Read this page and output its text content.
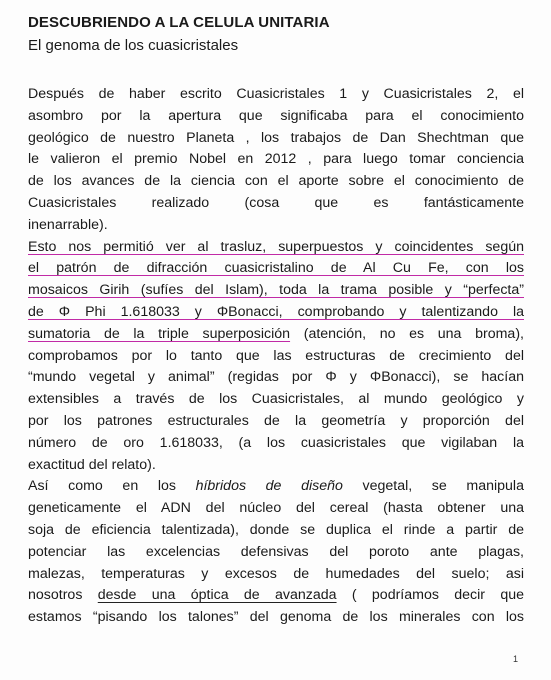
DESCUBRIENDO A LA CELULA UNITARIA
El genoma de los cuasicristales
Después de haber escrito Cuasicristales 1 y Cuasicristales 2, el
asombro por la apertura que significaba para el conocimiento
geológico de nuestro Planeta , los trabajos de Dan Shechtman que
le valieron el premio Nobel en 2012 , para luego tomar conciencia
de los avances de la ciencia con el aporte sobre el conocimiento de
Cuasicristales realizado (cosa que es fantásticamente
inenarrable).
Esto nos permitió ver al trasluz, superpuestos y coincidentes según
el patrón de difracción cuasicristalino de Al Cu Fe, con los
mosaicos Girih (sufíes del Islam), toda la trama posible y “perfecta”
de Φ Phi 1.618033 y ΦBonacci, comprobando y talentizando la
sumatoria de la triple superposición (atención, no es una broma),
comprobamos por lo tanto que las estructuras de crecimiento del
“mundo vegetal y animal” (regidas por Φ y ΦBonacci), se hacían
extensibles a través de los Cuasicristales, al mundo geológico y
por los patrones estructurales de la geometría y proporción del
número de oro 1.618033, (a los cuasicristales que vigilaban la
exactitud del relato).
Así como en los híbridos de diseño vegetal, se manipula
geneticamente el ADN del núcleo del cereal (hasta obtener una
soja de eficiencia talentizada), donde se duplica el rinde a partir de
potenciar las excelencias defensivas del poroto ante plagas,
malezas, temperaturas y excesos de humedades del suelo; asi
nosotros desde una óptica de avanzada ( podríamos decir que
estamos “pisando los talones” del genoma de los minerales con los
1
